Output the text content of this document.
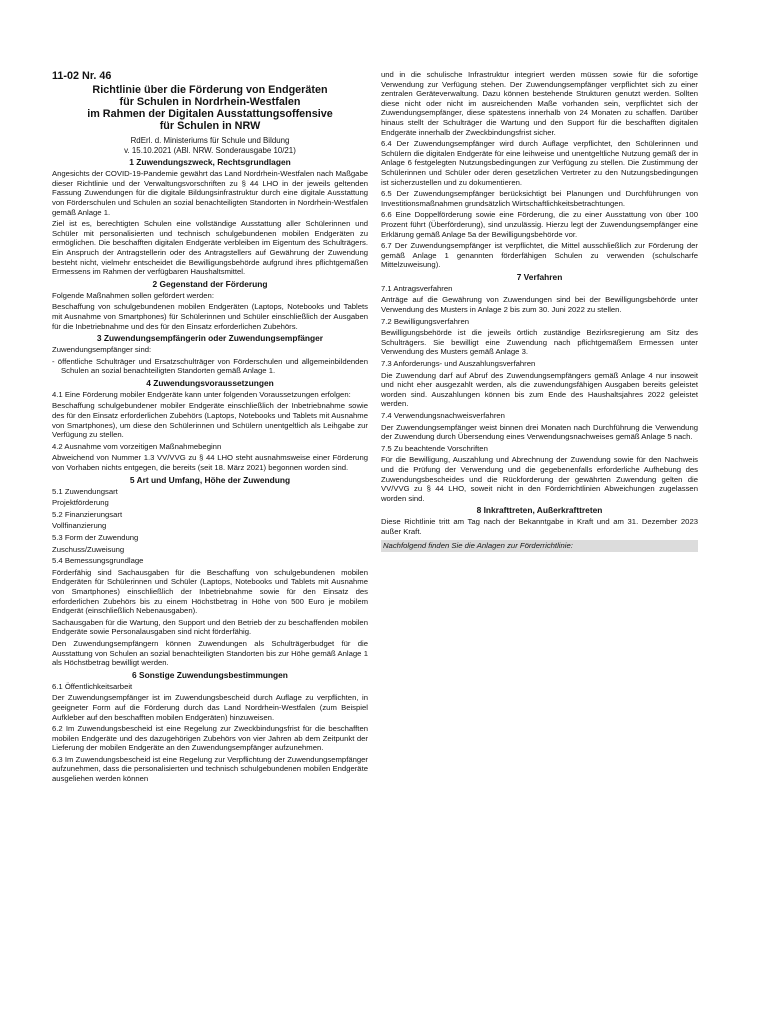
11-02 Nr. 46
Richtlinie über die Förderung von Endgeräten
für Schulen in Nordrhein-Westfalen
im Rahmen der Digitalen Ausstattungsoffensive
für Schulen in NRW
RdErl. d. Ministeriums für Schule und Bildung
v. 15.10.2021 (ABl. NRW. Sonderausgabe 10/21)
1 Zuwendungszweck, Rechtsgrundlagen

Angesichts der COVID-19-Pandemie gewährt das Land Nordrhein-Westfalen nach Maßgabe dieser Richtlinie und der Verwaltungsvorschriften zu § 44 LHO in der jeweils geltenden Fassung Zuwendungen für die digitale Bildungsinfrastruktur durch eine digitale Ausstattung von Förderschulen und Schulen an sozial benachteiligten Standorten in Nordrhein-Westfalen gemäß Anlage 1.

Ziel ist es, berechtigten Schulen eine vollständige Ausstattung aller Schülerinnen und Schüler mit personalisierten und technisch schulgebundenen mobilen Endgeräten zu ermöglichen. Die beschafften digitalen Endgeräte verbleiben im Eigentum des Schulträgers. Ein Anspruch der Antragstellerin oder des Antragstellers auf Gewährung der Zuwendung besteht nicht, vielmehr entscheidet die Bewilligungsbehörde aufgrund ihres pflichtgemäßen Ermessens im Rahmen der verfügbaren Haushaltsmittel.

2 Gegenstand der Förderung

Folgende Maßnahmen sollen gefördert werden:

Beschaffung von schulgebundenen mobilen Endgeräten (Laptops, Notebooks und Tablets mit Ausnahme von Smartphones) für Schülerinnen und Schüler einschließlich der Ausgaben für die Inbetriebnahme und des für den Einsatz erforderlichen Zubehörs.

3 Zuwendungsempfängerin oder Zuwendungsempfänger

Zuwendungsempfänger sind:

- öffentliche Schulträger und Ersatzschulträger von Förderschulen und allgemeinbildenden Schulen an sozial benachteiligten Standorten gemäß Anlage 1.
4 Zuwendungsvoraussetzungen

4.1 Eine Förderung mobiler Endgeräte kann unter folgenden Voraussetzungen erfolgen:

Beschaffung schulgebundener mobiler Endgeräte einschließlich der Inbetriebnahme sowie des für den Einsatz erforderlichen Zubehörs (Laptops, Notebooks und Tablets mit Ausnahme von Smartphones), um diese den Schülerinnen und Schülern unentgeltlich als Leihgabe zur Verfügung zu stellen.

4.2 Ausnahme vom vorzeitigen Maßnahmebeginn

Abweichend von Nummer 1.3 VV/VVG zu § 44 LHO steht ausnahmsweise einer Förderung von Vorhaben nichts entgegen, die bereits (seit 18. März 2021) begonnen worden sind.

5 Art und Umfang, Höhe der Zuwendung

5.1 Zuwendungsart

Projektförderung

5.2 Finanzierungsart

Vollfinanzierung

5.3 Form der Zuwendung

Zuschuss/Zuweisung

5.4 Bemessungsgrundlage

Förderfähig sind Sachausgaben für die Beschaffung von schulgebundenen mobilen Endgeräten für Schülerinnen und Schüler (Laptops, Notebooks und Tablets mit Ausnahme von Smartphones) einschließlich der Inbetriebnahme sowie für den Einsatz des erforderlichen Zubehörs bis zu einem Höchstbetrag in Höhe von 500 Euro je mobilem Endgerät (einschließlich Nebenausgaben).

Sachausgaben für die Wartung, den Support und den Betrieb der zu beschaffenden mobilen Endgeräte sowie Personalausgaben sind nicht förderfähig.

Den Zuwendungsempfängern können Zuwendungen als Schulträgerbudget für die Ausstattung von Schulen an sozial benachteiligten Standorten bis zur Höhe gemäß Anlage 1 als Höchstbetrag bewilligt werden.

6 Sonstige Zuwendungsbestimmungen

6.1 Öffentlichkeitsarbeit

Der Zuwendungsempfänger ist im Zuwendungsbescheid durch Auflage zu verpflichten, in geeigneter Form auf die Förderung durch das Land Nordrhein-Westfalen (zum Beispiel Aufkleber auf den beschafften mobilen Endgeräten) hinzuweisen.

6.2 Im Zuwendungsbescheid ist eine Regelung zur Zweckbindungsfrist für die beschafften mobilen Endgeräte und des dazugehörigen Zubehörs von vier Jahren ab dem Zeitpunkt der Lieferung der mobilen Endgeräte an den Zuwendungsempfänger aufzunehmen.

6.3 Im Zuwendungsbescheid ist eine Regelung zur Verpflichtung der Zuwendungsempfänger aufzunehmen, dass die personalisierten und technisch schulgebundenen mobilen Endgeräte ausgeliehen werden können

und in die schulische Infrastruktur integriert werden müssen sowie für die sofortige Verwendung zur Verfügung stehen. Der Zuwendungsempfänger verpflichtet sich zu einer zentralen Geräteverwaltung. Dazu können bestehende Strukturen genutzt werden. Sollten diese nicht oder nicht im ausreichenden Maße vorhanden sein, verpflichtet sich der Zuwendungsempfänger, diese spätestens innerhalb von 24 Monaten zu schaffen. Darüber hinaus stellt der Schulträger die Wartung und den Support für die beschafften digitalen Endgeräte innerhalb der Zweckbindungsfrist sicher.

6.4 Der Zuwendungsempfänger wird durch Auflage verpflichtet, den Schülerinnen und Schülern die digitalen Endgeräte für eine leihweise und unentgeltliche Nutzung gemäß der in Anlage 6 festgelegten Nutzungsbedingungen zur Verfügung zu stellen. Die Zustimmung der Schülerinnen und Schüler oder deren gesetzlichen Vertreter zu den Nutzungsbedingungen ist sicherzustellen und zu dokumentieren.

6.5 Der Zuwendungsempfänger berücksichtigt bei Planungen und Durchführungen von Investitionsmaßnahmen grundsätzlich Wirtschaftlichkeitsbetrachtungen.

6.6 Eine Doppelförderung sowie eine Förderung, die zu einer Ausstattung von über 100 Prozent führt (Überförderung), sind unzulässig. Hierzu legt der Zuwendungsempfänger eine Erklärung gemäß Anlage 5a der Bewilligungsbehörde vor.

6.7 Der Zuwendungsempfänger ist verpflichtet, die Mittel ausschließlich zur Förderung der gemäß Anlage 1 genannten förderfähigen Schulen zu verwenden (schulscharfe Mittelzuweisung).

7 Verfahren

7.1 Antragsverfahren

Anträge auf die Gewährung von Zuwendungen sind bei der Bewilligungsbehörde unter Verwendung des Musters in Anlage 2 bis zum 30. Juni 2022 zu stellen.

7.2 Bewilligungsverfahren

Bewilligungsbehörde ist die jeweils örtlich zuständige Bezirksregierung am Sitz des Schulträgers. Sie bewilligt eine Zuwendung nach pflichtgemäßem Ermessen unter Verwendung des Musters gemäß Anlage 3.

7.3 Anforderungs- und Auszahlungsverfahren

Die Zuwendung darf auf Abruf des Zuwendungsempfängers gemäß Anlage 4 nur insoweit und nicht eher ausgezahlt werden, als die zuwendungsfähigen Ausgaben bereits geleistet worden sind. Auszahlungen können bis zum Ende des Haushaltsjahres 2022 geleistet werden.

7.4 Verwendungsnachweisverfahren

Der Zuwendungsempfänger weist binnen drei Monaten nach Durchführung die Verwendung der Zuwendung durch Übersendung eines Verwendungsnachweises gemäß Anlage 5 nach.

7.5 Zu beachtende Vorschriften

Für die Bewilligung, Auszahlung und Abrechnung der Zuwendung sowie für den Nachweis und die Prüfung der Verwendung und die gegebenenfalls erforderliche Aufhebung des Zuwendungsbescheides und die Rückforderung der gewährten Zuwendung gelten die VV/VVG zu § 44 LHO, soweit nicht in den Förderrichtlinien Abweichungen zugelassen worden sind.

8 Inkrafttreten, Außerkrafttreten

Diese Richtlinie tritt am Tag nach der Bekanntgabe in Kraft und am 31. Dezember 2023 außer Kraft.

Nachfolgend finden Sie die Anlagen zur Förderrichtlinie:
